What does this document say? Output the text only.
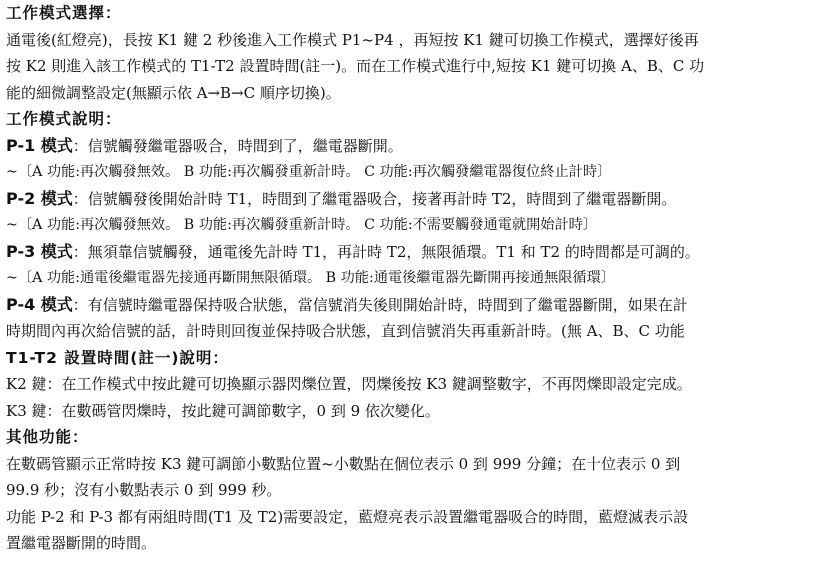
工作模式選擇：
通電後(紅燈亮)，長按 K1 鍵 2 秒後進入工作模式 P1~P4 ，再短按 K1 鍵可切換工作模式，選擇好後再
按 K2 則進入該工作模式的 T1-T2 設置時間(註一)。而在工作模式進行中,短按 K1 鍵可切換 A、B、C 功
能的細微調整設定(無顯示依 A→B→C 順序切換)。
工作模式說明：
P-1 模式：信號觸發繼電器吸合，時間到了，繼電器斷開。
~〔A 功能:再次觸發無效。 B 功能:再次觸發重新計時。 C 功能:再次觸發繼電器復位終止計時〕
P-2 模式：信號觸發後開始計時 T1，時間到了繼電器吸合，接著再計時 T2，時間到了繼電器斷開。
~〔A 功能:再次觸發無效。 B 功能:再次觸發重新計時。 C 功能:不需要觸發通電就開始計時〕
P-3 模式：無須靠信號觸發，通電後先計時 T1，再計時 T2，無限循環。T1 和 T2 的時間都是可調的。
~〔A 功能:通電後繼電器先接通再斷開無限循環。 B 功能:通電後繼電器先斷開再接通無限循環〕
P-4 模式：有信號時繼電器保持吸合狀態，當信號消失後則開始計時，時間到了繼電器斷開，如果在計
時期間內再次給信號的話，計時則回復並保持吸合狀態，直到信號消失再重新計時。(無 A、B、C 功能
T1-T2 設置時間(註一)說明：
K2 鍵：在工作模式中按此鍵可切換顯示器閃爍位置，閃爍後按 K3 鍵調整數字，不再閃爍即設定完成。
K3 鍵：在數碼管閃爍時，按此鍵可調節數字，0 到 9 依次變化。
其他功能：
在數碼管顯示正常時按 K3 鍵可調節小數點位置~小數點在個位表示 0 到 999 分鐘；在十位表示 0 到
99.9 秒；沒有小數點表示 0 到 999 秒。
功能 P-2 和 P-3 都有兩組時間(T1 及 T2)需要設定，藍燈亮表示設置繼電器吸合的時間，藍燈滅表示設
置繼電器斷開的時間。
